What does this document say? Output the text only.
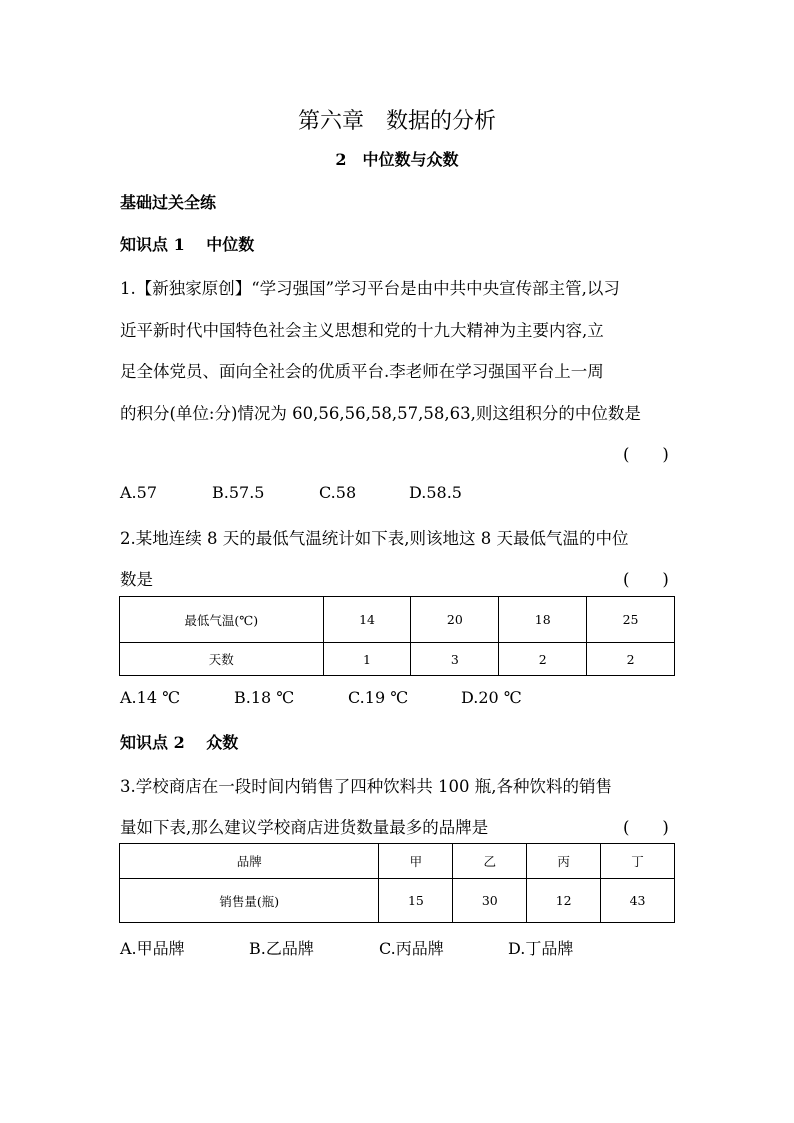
第六章　数据的分析
2　中位数与众数
基础过关全练
知识点 1　 中位数
1.【新独家原创】“学习强国”学习平台是由中共中央宣传部主管,以习
近平新时代中国特色社会主义思想和党的十九大精神为主要内容,立
足全体党员、面向全社会的优质平台.李老师在学习强国平台上一周
的积分(单位:分)情况为 60,56,56,58,57,58,63,则这组积分的中位数是
(　　)
A.57	B.57.5	C.58	D.58.5
2.某地连续 8 天的最低气温统计如下表,则该地这 8 天最低气温的中位
数是	(　　)
最低气温(℃)	14	20	18	25
天数	1	3	2	2
A.14 ℃	B.18 ℃	C.19 ℃	D.20 ℃
知识点 2　 众数
3.学校商店在一段时间内销售了四种饮料共 100 瓶,各种饮料的销售
量如下表,那么建议学校商店进货数量最多的品牌是	(　　)
品牌	甲	乙	丙	丁
销售量(瓶)	15	30	12	43
A.甲品牌	B.乙品牌	C.丙品牌	D.丁品牌
